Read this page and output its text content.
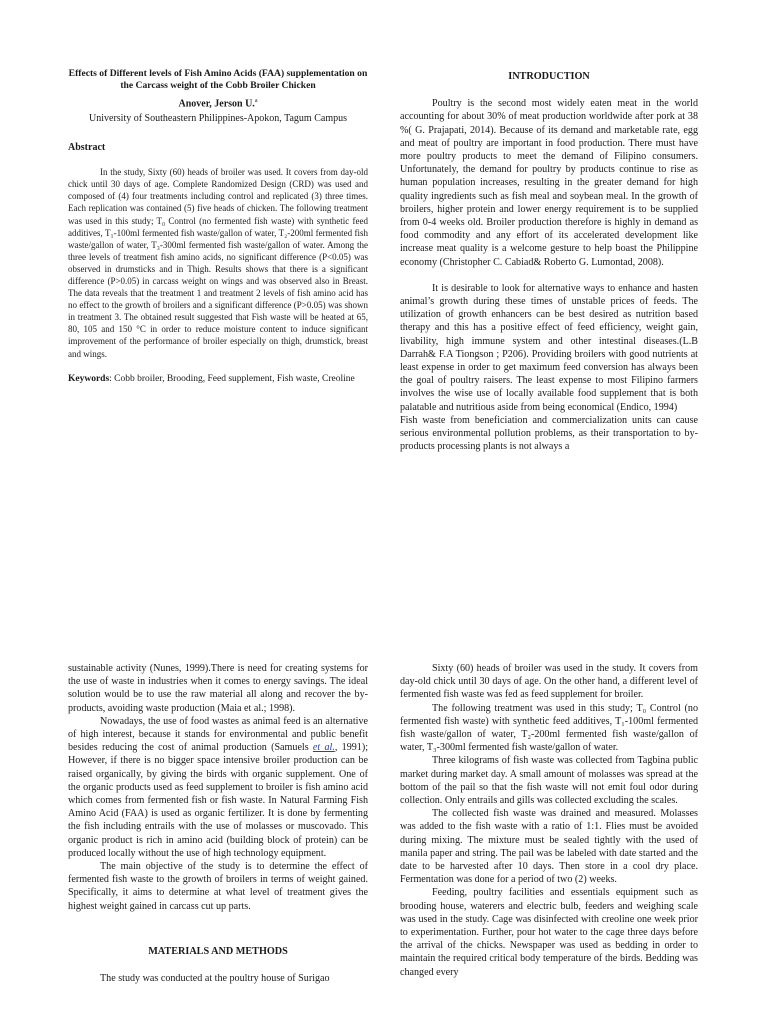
Effects of Different levels of Fish Amino Acids (FAA) supplementation on the Carcass weight of the Cobb Broiler Chicken
Anover, Jerson U.$^a$
University of Southeastern Philippines-Apokon, Tagum Campus
Abstract

In the study, Sixty (60) heads of broiler was used. It covers from day-old chick until 30 days of age. Complete Randomized Design (CRD) was used and composed of (4) four treatments including control and replicated (3) three times. Each replication was contained (5) five heads of chicken. The following treatment was used in this study; T₀ Control (no fermented fish waste) with synthetic feed additives, T₁-100ml fermented fish waste/gallon of water, T₂-200ml fermented fish waste/gallon of water, T₃-300ml fermented fish waste/gallon of water. Among the three levels of treatment fish amino acids, no significant difference (P<0.05) was observed in drumsticks and in Thigh. Results shows that there is a significant difference (P>0.05) in carcass weight on wings and was observed also in Breast. The data reveals that the treatment 1 and treatment 2 levels of fish amino acid has no effect to the growth of broilers and a significant difference (P>0.05) was shown in treatment 3. The obtained result suggested that Fish waste will be heated at 65, 80, 105 and 150 °C in order to reduce moisture content to induce significant improvement of the performance of broiler especially on thigh, drumstick, breast and wings.

Keywords: Cobb broiler, Brooding, Feed supplement, Fish waste, Creoline

INTRODUCTION

Poultry is the second most widely eaten meat in the world accounting for about 30% of meat production worldwide after pork at 38 %( G. Prajapati, 2014). Because of its demand and marketable rate, egg and meat of poultry are important in food production. There must have more poultry products to meet the demand of Filipino consumers. Unfortunately, the demand for poultry by products continue to rise as human population increases, resulting in the greater demand for high quality ingredients such as fish meal and soybean meal. In the growth of broilers, higher protein and lower energy requirement is to be supplied from 0-4 weeks old. Broiler production therefore is highly in demand as food commodity and any effort of its accelerated development like increase meat quality is a welcome gesture to help boast the Philippine economy (Christopher C. Cabiad& Roberto G. Lumontad, 2008).

It is desirable to look for alternative ways to enhance and hasten animal’s growth during these times of unstable prices of feeds. The utilization of growth enhancers can be best desired as nutrition based therapy and this has a positive effect of feed efficiency, weight gain, livability, high immune system and other intestinal diseases.(L.B Darrah& F.A Tiongson ; P206). Providing broilers with good nutrients at least expense in order to get maximum feed conversion has always been the goal of poultry raisers. The least expense to most Filipino farmers involves the wise use of locally available food supplement that is both palatable and nutritious aside from being economical (Endico, 1994)

Fish waste from beneficiation and commercialization units can cause serious environmental pollution problems, as their transportation to by-products processing plants is not always a

sustainable activity (Nunes, 1999).There is need for creating systems for the use of waste in industries when it comes to energy savings. The ideal solution would be to use the raw material all along and recover the by-products, avoiding waste production (Maia et al.; 1998).

Nowadays, the use of food wastes as animal feed is an alternative of high interest, because it stands for environmental and public benefit besides reducing the cost of animal production (Samuels et al., 1991); However, if there is no bigger space intensive broiler production can be raised organically, by giving the birds with organic supplement. One of the organic products used as feed supplement to broiler is fish amino acid which comes from fermented fish or fish waste. In Natural Farming Fish Amino Acid (FAA) is used as organic fertilizer. It is done by fermenting the fish including entrails with the use of molasses or muscovado. This organic product is rich in amino acid (building block of protein) can be produced locally without the use of high technology equipment.

The main objective of the study is to determine the effect of fermented fish waste to the growth of broilers in terms of weight gained. Specifically, it aims to determine at what level of treatment gives the highest weight gained in carcass cut up parts.

MATERIALS AND METHODS

The study was conducted at the poultry house of Surigao

Sixty (60) heads of broiler was used in the study. It covers from day-old chick until 30 days of age. On the other hand, a different level of fermented fish waste was fed as feed supplement for broiler.

The following treatment was used in this study; T₀ Control (no fermented fish waste) with synthetic feed additives, T₁-100ml fermented fish waste/gallon of water, T₂-200ml fermented fish waste/gallon of water, T₃-300ml fermented fish waste/gallon of water.

Three kilograms of fish waste was collected from Tagbina public market during market day. A small amount of molasses was spread at the bottom of the pail so that the fish waste will not emit foul odor during collection. Only entrails and gills was collected excluding the scales.

The collected fish waste was drained and measured. Molasses was added to the fish waste with a ratio of 1:1. Flies must be avoided during mixing. The mixture must be sealed tightly with the used of manila paper and string. The pail was be labeled with date started and the date to be harvested after 10 days. Then store in a cool dry place. Fermentation was done for a period of two (2) weeks.

Feeding, poultry facilities and essentials equipment such as brooding house, waterers and electric bulb, feeders and weighing scale was used in the study. Cage was disinfected with creoline one week prior to experimentation. Further, pour hot water to the cage three days before the arrival of the chicks. Newspaper was used as bedding in order to maintain the required critical body temperature of the birds. Bedding was changed every
